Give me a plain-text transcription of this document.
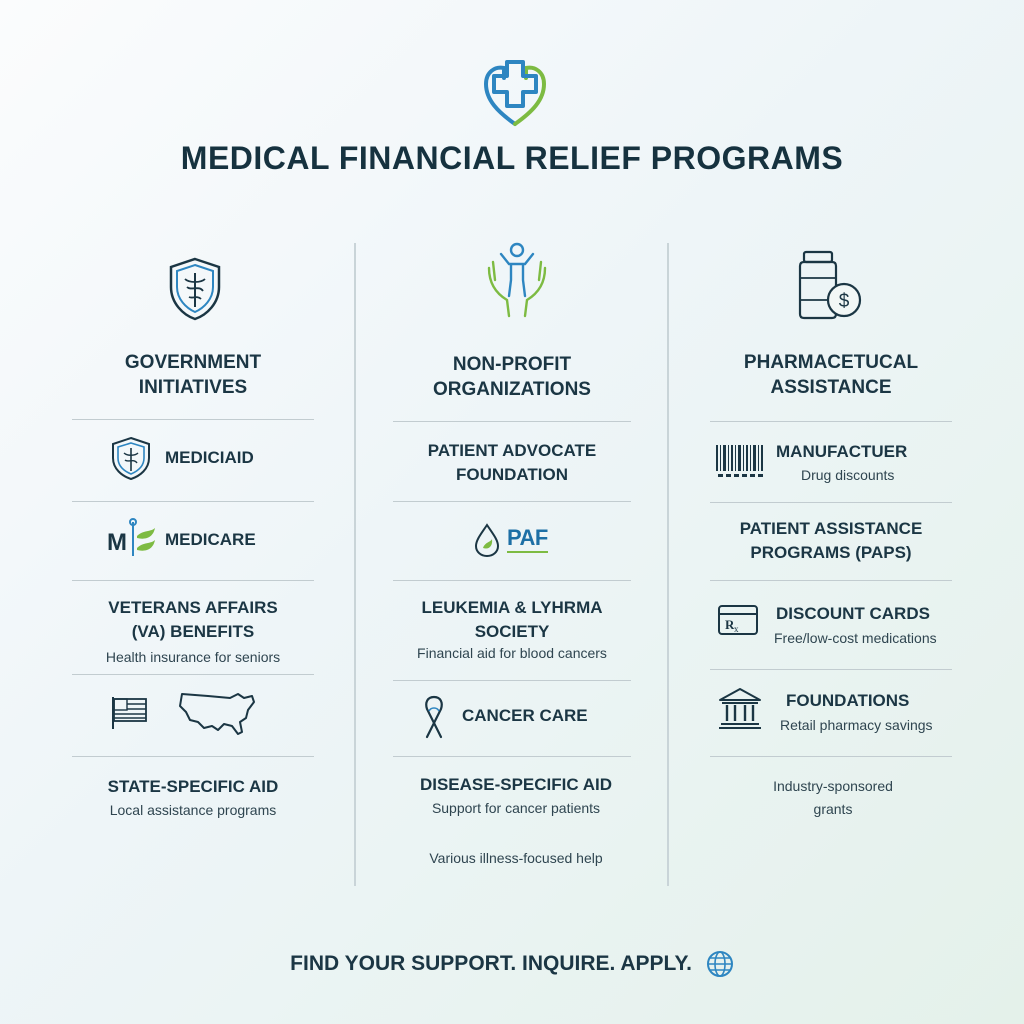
MEDICAL FINANCIAL RELIEF PROGRAMS
GOVERNMENT
INITIATIVES
MEDICIAID
M MEDICARE
VETERANS AFFAIRS
(VA) BENEFITS
Health insurance for seniors
STATE-SPECIFIC AID
Local assistance programs
NON-PROFIT
ORGANIZATIONS
PATIENT ADVOCATE
FOUNDATION
PAF
LEUKEMIA & LYHRMA
SOCIETY
Financial aid for blood cancers
CANCER CARE
DISEASE-SPECIFIC AID
Support for cancer patients
Various illness-focused help
$
PHARMACETUCAL
ASSISTANCE
MANUFACTUER
Drug discounts
PATIENT ASSISTANCE
PROGRAMS (PAPS)
R x
DISCOUNT CARDS
Free/low-cost medications
FOUNDATIONS
Retail pharmacy savings
Industry-sponsored
grants
FIND YOUR SUPPORT. INQUIRE. APPLY.
